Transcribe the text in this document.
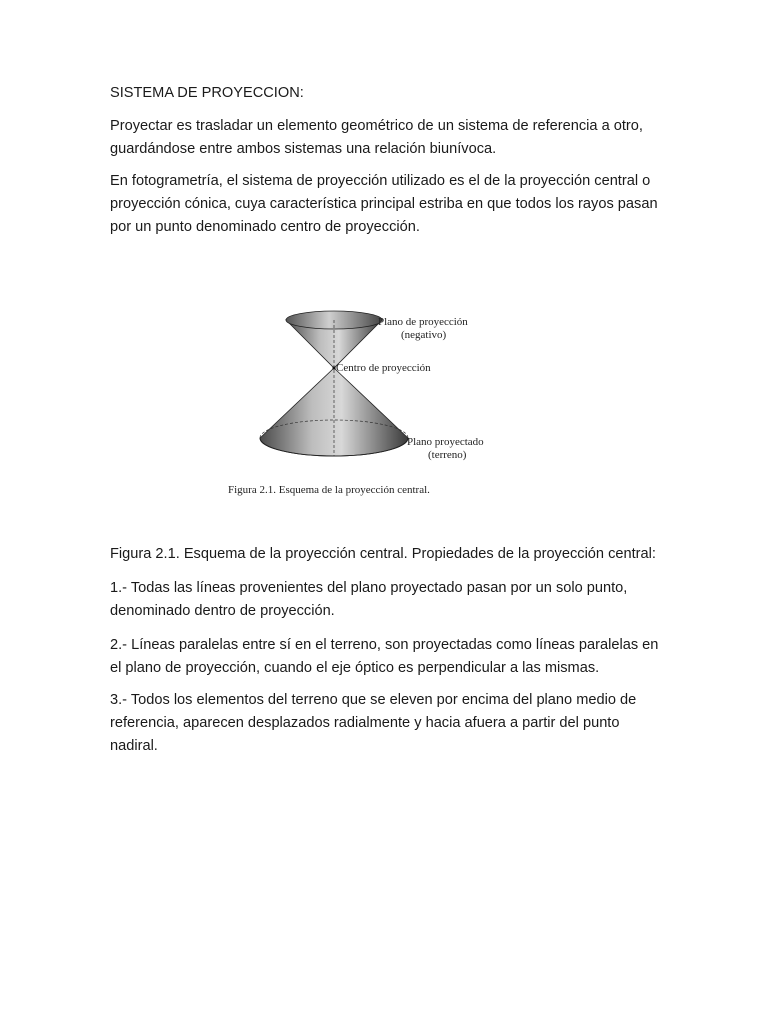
SISTEMA DE PROYECCION:

Proyectar es trasladar un elemento geométrico de un sistema de referencia a otro, guardándose entre ambos sistemas una relación biunívoca.

En fotogrametría, el sistema de proyección utilizado es el de la proyección central o proyección cónica, cuya característica principal estriba en que todos los rayos pasan por un punto denominado centro de proyección.

Plano de proyección
(negativo)
Centro de proyección
Plano proyectado
(terreno)
Figura 2.1. Esquema de la proyección central.

Figura 2.1. Esquema de la proyección central. Propiedades de la proyección central:

1.- Todas las líneas provenientes del plano proyectado pasan por un solo punto, denominado dentro de proyección.

2.- Líneas paralelas entre sí en el terreno, son proyectadas como líneas paralelas en el plano de proyección, cuando el eje óptico es perpendicular a las mismas.

3.- Todos los elementos del terreno que se eleven por encima del plano medio de referencia, aparecen desplazados radialmente y hacia afuera a partir del punto nadiral.
